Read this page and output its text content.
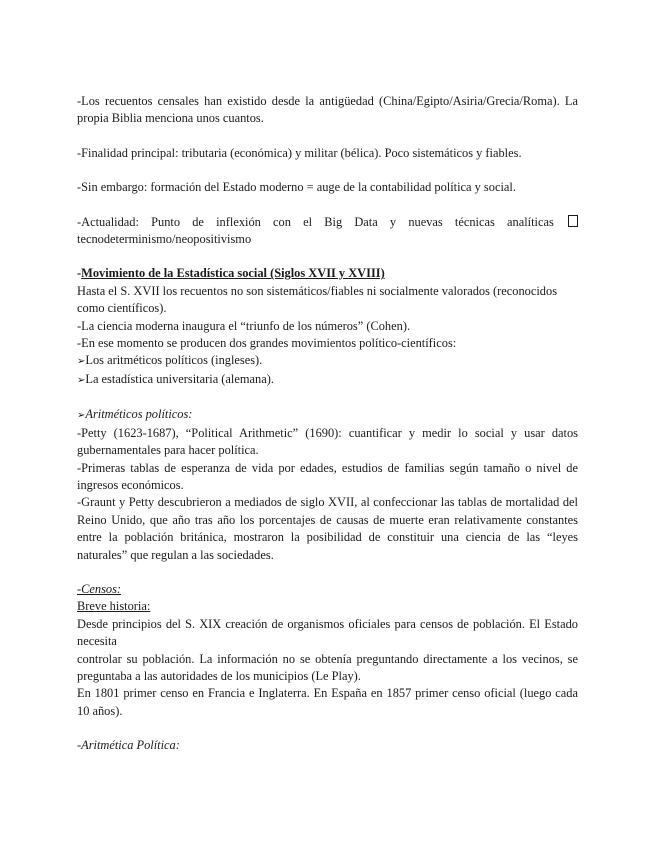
-Los recuentos censales han existido desde la antigüedad (China/Egipto/Asiria/Grecia/Roma). La propia Biblia menciona unos cuantos.

-Finalidad principal: tributaria (económica) y militar (bélica). Poco sistemáticos y fiables.

-Sin embargo: formación del Estado moderno = auge de la contabilidad política y social.

-Actualidad: Punto de inflexión con el Big Data y nuevas técnicas analíticas

tecnodeterminismo/neopositivismo

-Movimiento de la Estadística social (Siglos XVII y XVIII)

Hasta el S. XVII los recuentos no son sistemáticos/fiables ni socialmente valorados (reconocidos como científicos).

-La ciencia moderna inaugura el “triunfo de los números” (Cohen).

-En ese momento se producen dos grandes movimientos político-científicos:

➢Los aritméticos políticos (ingleses).

➢La estadística universitaria (alemana).

➢Aritméticos políticos:

-Petty (1623-1687), “Political Arithmetic” (1690): cuantificar y medir lo social y usar datos gubernamentales para hacer política.

-Primeras tablas de esperanza de vida por edades, estudios de familias según tamaño o nivel de ingresos económicos.

-Graunt y Petty descubrieron a mediados de siglo XVII, al confeccionar las tablas de mortalidad del Reino Unido, que año tras año los porcentajes de causas de muerte eran relativamente constantes entre la población británica, mostraron la posibilidad de constituir una ciencia de las “leyes naturales” que regulan a las sociedades.

-Censos:

Breve historia:

Desde principios del S. XIX creación de organismos oficiales para censos de población. El Estado necesita

controlar su población. La información no se obtenía preguntando directamente a los vecinos, se preguntaba a las autoridades de los municipios (Le Play).

En 1801 primer censo en Francia e Inglaterra. En España en 1857 primer censo oficial (luego cada 10 años).

-Aritmética Política:
